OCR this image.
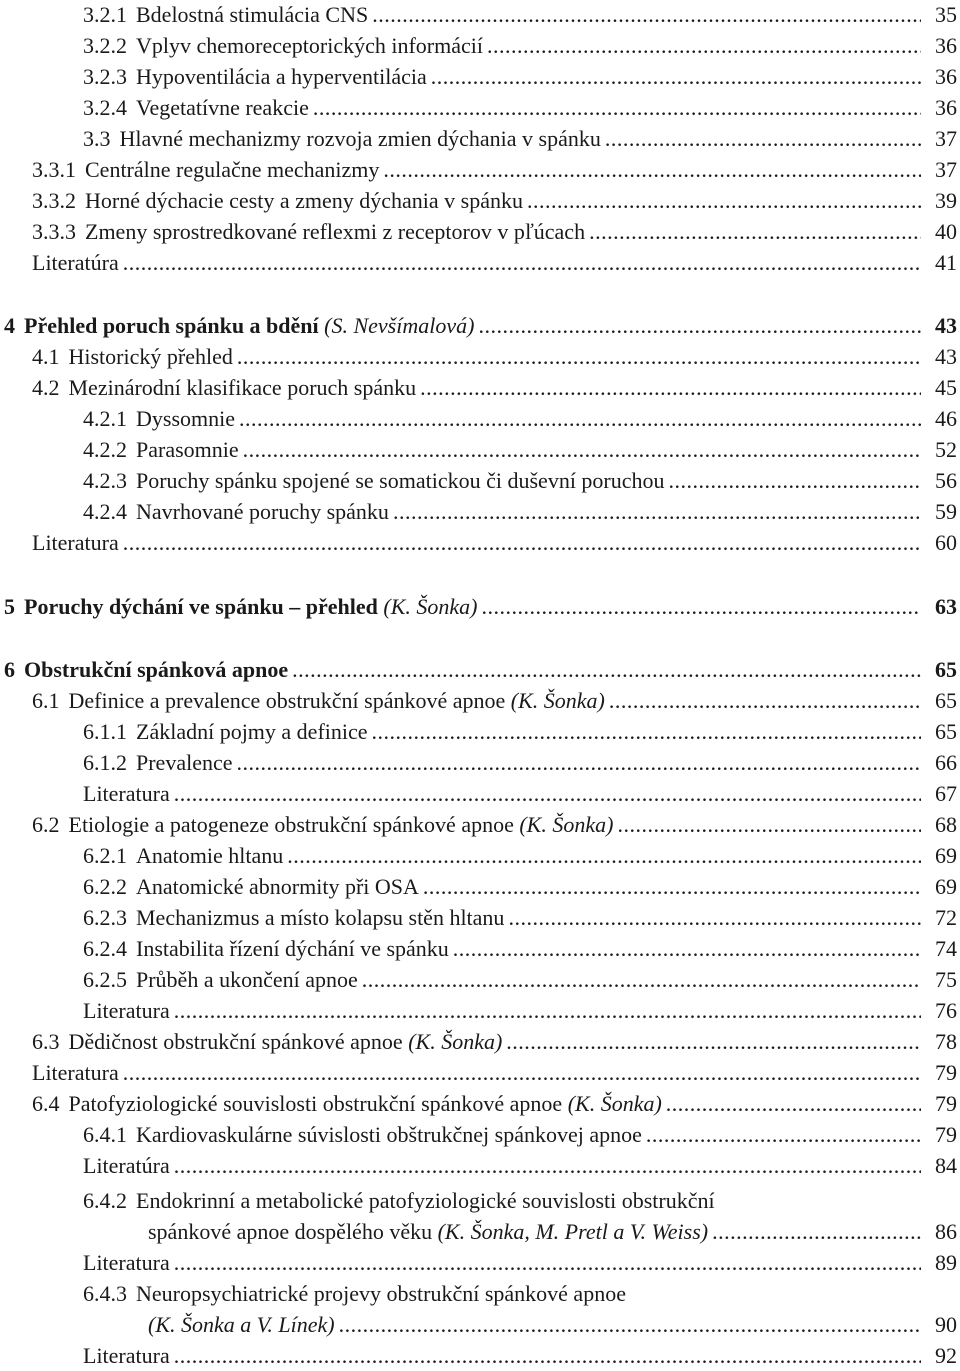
3.2.1 Bdelostná stimulácia CNS	35
.....
3.2.2 Vplyv chemoreceptorických informácií	36
.....
3.2.3 Hypoventilácia a hyperventilácia	36
.....
3.2.4 Vegetatívne reakcie	36
.....
3.3 Hlavné mechanizmy rozvoja zmien dýchania v spánku	37
.....
3.3.1 Centrálne regulačne mechanizmy	37
.....
3.3.2 Horné dýchacie cesty a zmeny dýchania v spánku	39
.....
3.3.3 Zmeny sprostredkované reflexmi z receptorov v pľúcach	40
.....
Literatúra	41
.....
4 Přehled poruch spánku a bdění (S. Nevšímalová)	43
.....
4.1 Historický přehled	43
.....
4.2 Mezinárodní klasifikace poruch spánku	45
.....
4.2.1 Dyssomnie	46
.....
4.2.2 Parasomnie	52
.....
4.2.3 Poruchy spánku spojené se somatickou či duševní poruchou	56
.....
4.2.4 Navrhované poruchy spánku	59
.....
Literatura	60
.....
5 Poruchy dýchání ve spánku – přehled (K. Šonka)	63
.....
6 Obstrukční spánková apnoe	65
.....
6.1 Definice a prevalence obstrukční spánkové apnoe (K. Šonka)	65
.....
6.1.1 Základní pojmy a definice	65
.....
6.1.2 Prevalence	66
.....
Literatura	67
.....
6.2 Etiologie a patogeneze obstrukční spánkové apnoe (K. Šonka)	68
.....
6.2.1 Anatomie hltanu	69
.....
6.2.2 Anatomické abnormity při OSA	69
.....
6.2.3 Mechanizmus a místo kolapsu stěn hltanu	72
.....
6.2.4 Instabilita řízení dýchání ve spánku	74
.....
6.2.5 Průběh a ukončení apnoe	75
.....
Literatura	76
.....
6.3 Dědičnost obstrukční spánkové apnoe (K. Šonka)	78
.....
Literatura	79
.....
6.4 Patofyziologické souvislosti obstrukční spánkové apnoe (K. Šonka)	79
.....
6.4.1 Kardiovaskulárne súvislosti obštrukčnej spánkovej apnoe	79
.....
Literatúra	84
.....
6.4.2 Endokrinní a metabolické patofyziologické souvislosti obstrukční
spánkové apnoe dospělého věku (K. Šonka, M. Pretl a V. Weiss)	86
.....
Literatura	89
.....
6.4.3 Neuropsychiatrické projevy obstrukční spánkové apnoe
(K. Šonka a V. Línek)	90
.....
Literatura	92
.....
